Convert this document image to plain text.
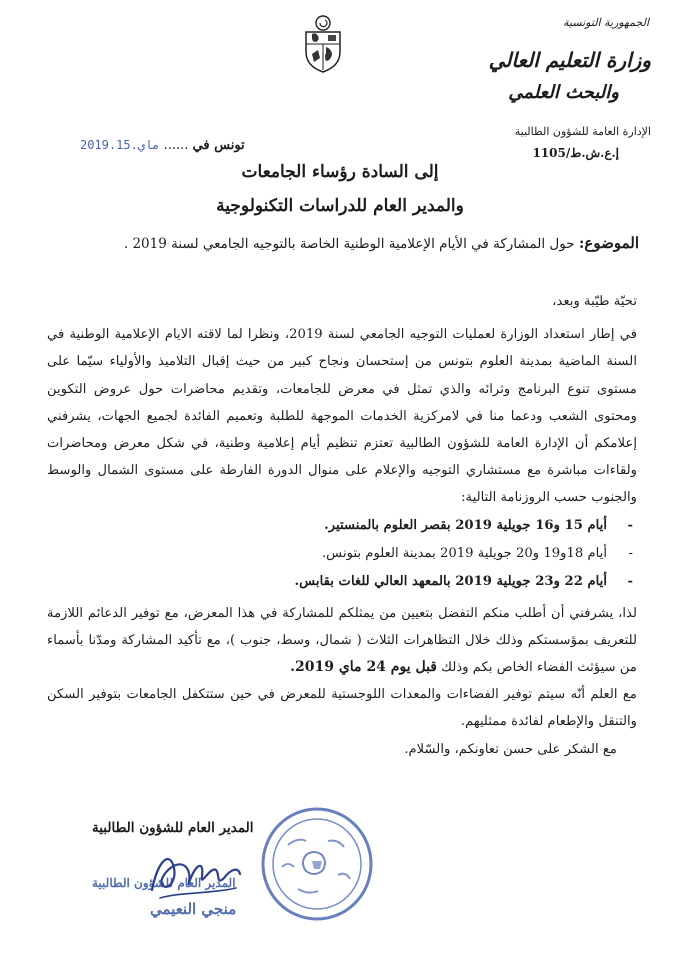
الجمهورية التونسية
وزارة التعليم العالي
والبحث العلمي
الإدارة العامة للشؤون الطالبية
إ.ع.ش.ط/1105
تونس في ...... 2019.ماي.15
إلى السادة رؤساء الجامعات
والمدير العام للدراسات التكنولوجية
الموضوع: حول المشاركة في الأيام الإعلامية الوطنية الخاصة بالتوجيه الجامعي لسنة 2019 .

تحيّة طيّبة وبعد،

في إطار استعداد الوزارة لعمليات التوجيه الجامعي لسنة 2019، ونظرا لما لاقته الايام الإعلامية الوطنية في السنة الماضية بمدينة العلوم بتونس من إستحسان ونجاح كبير من حيث إقبال التلاميذ والأولياء سيّما على مستوى تنوع البرنامج وثرائه والذي تمثل في معرض للجامعات، وتقديم محاضرات حول عروض التكوين ومحتوى الشعب ودعما منا في لامركزية الخدمات الموجهة للطلبة وتعميم الفائدة لجميع الجهات، يشرفني إعلامكم أن الإدارة العامة للشؤون الطالبية تعتزم تنظيم أيام إعلامية وطنية، في شكل معرض ومحاضرات ولقاءات مباشرة مع مستشاري التوجيه والإعلام على منوال الدورة الفارطة على مستوى الشمال والوسط والجنوب حسب الروزنامة التالية:

- أيام 15 و16 جويلية 2019 بقصر العلوم بالمنستير.
- أيام 18و19 و20 جويلية 2019 بمدينة العلوم بتونس.
- أيام 22 و23 جويلية 2019 بالمعهد العالي للغات بقابس.

لذا، يشرفني أن أطلب منكم التفضل بتعيين من يمثلكم للمشاركة في هذا المعرض، مع توفير الدعائم اللازمة للتعريف بمؤسستكم وذلك خلال التظاهرات الثلاث ( شمال، وسط، جنوب )، مع تأكيد المشاركة ومدّنا بأسماء من سيؤثث الفضاء الخاص بكم وذلك قبل يوم 24 ماي 2019.

مع العلم أنّه سيتم توفير الفضاءات والمعدات اللوجستية للمعرض في حين ستتكفل الجامعات بتوفير السكن والتنقل والإطعام لفائدة ممثليهم.

مع الشكر على حسن تعاونكم، والسّلام.

المدير العام للشؤون الطالبية
المدير العام للشؤون الطالبية
منجي النعيمي
